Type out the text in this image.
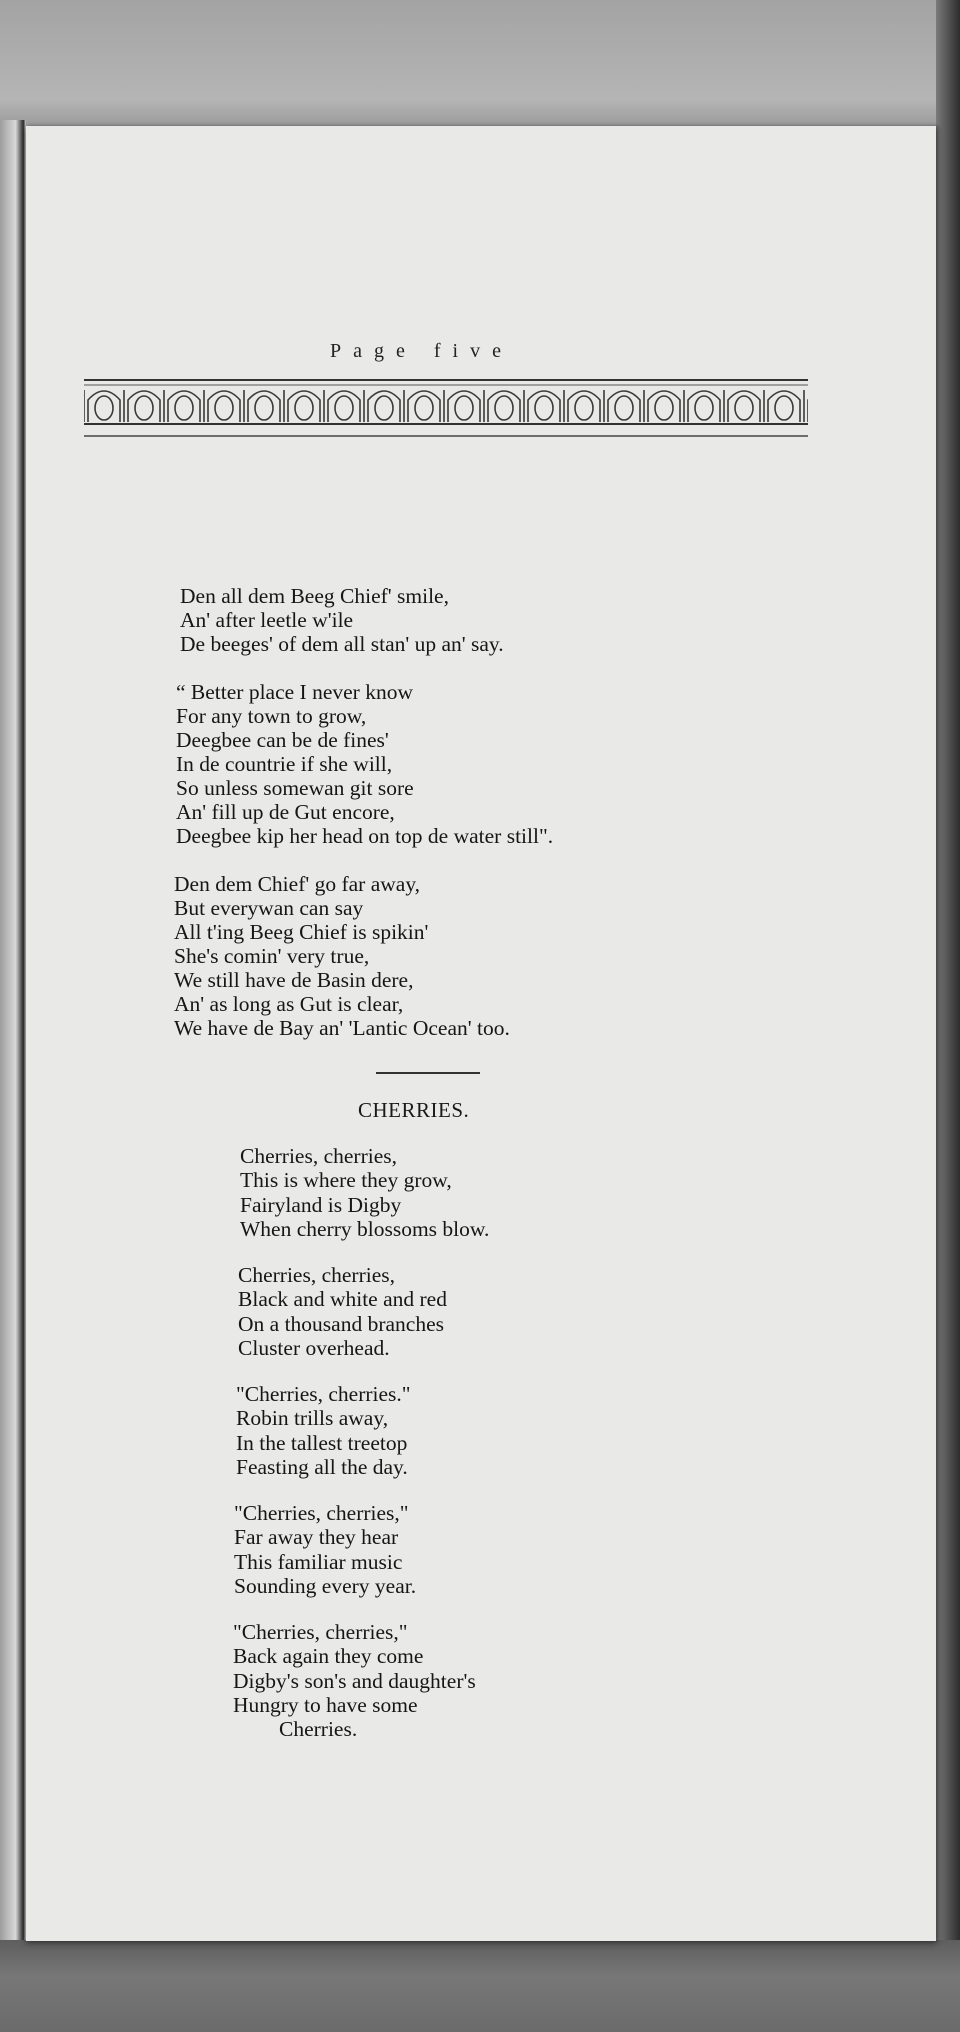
Page five
Den all dem Beeg Chief' smile,
An' after leetle w'ile
De beeges' of dem all stan' up an' say.
“ Better place I never know
For any town to grow,
Deegbee can be de fines'
In de countrie if she will,
So unless somewan git sore
An' fill up de Gut encore,
Deegbee kip her head on top de water still".
Den dem Chief' go far away,
But everywan can say
All t'ing Beeg Chief is spikin'
She's comin' very true,
We still have de Basin dere,
An' as long as Gut is clear,
We have de Bay an' 'Lantic Ocean' too.
CHERRIES.
Cherries, cherries,
This is where they grow,
Fairyland is Digby
When cherry blossoms blow.
Cherries, cherries,
Black and white and red
On a thousand branches
Cluster overhead.
"Cherries, cherries."
Robin trills away,
In the tallest treetop
Feasting all the day.
"Cherries, cherries,"
Far away they hear
This familiar music
Sounding every year.
"Cherries, cherries,"
Back again they come
Digby's son's and daughter's
Hungry to have some
Cherries.
